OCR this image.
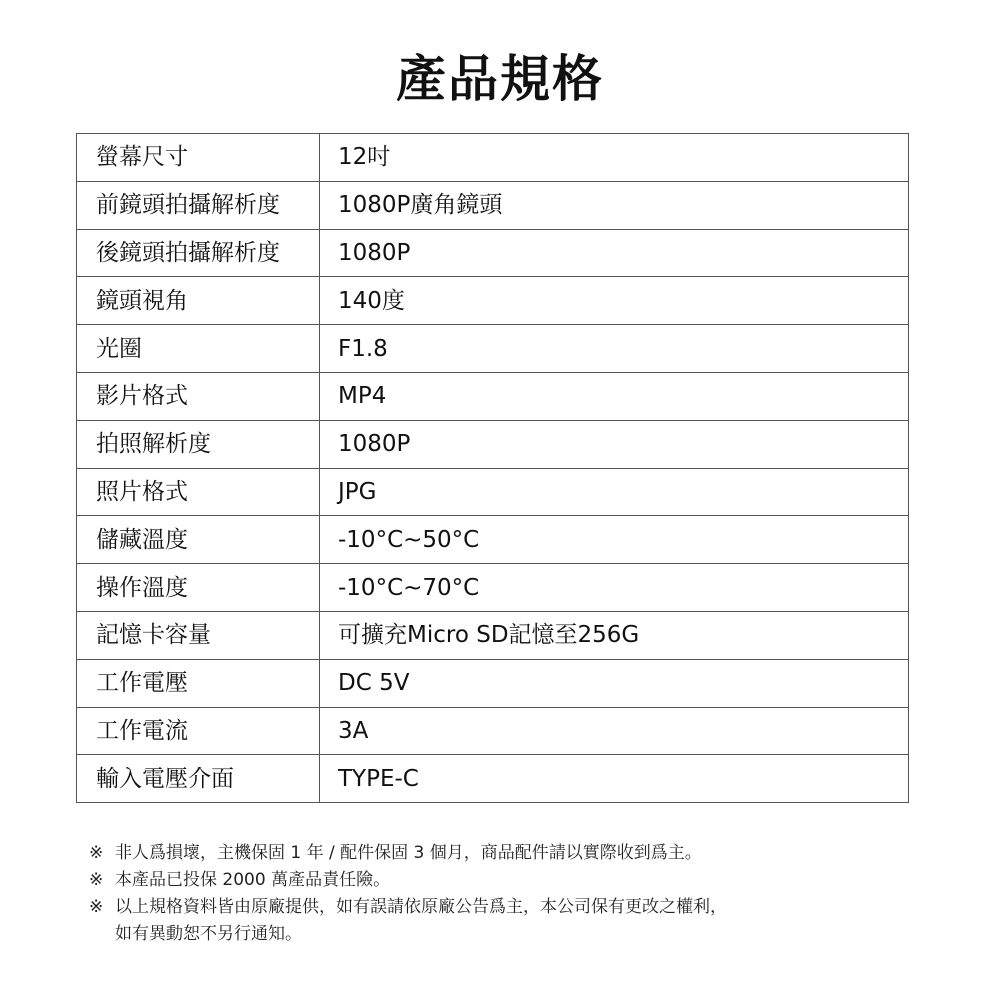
產品規格
螢幕尺寸	12吋
前鏡頭拍攝解析度	1080P廣角鏡頭
後鏡頭拍攝解析度	1080P
鏡頭視角	140度
光圈	F1.8
影片格式	MP4
拍照解析度	1080P
照片格式	JPG
儲藏溫度	-10°C~50°C
操作溫度	-10°C~70°C
記憶卡容量	可擴充Micro SD記憶至256G
工作電壓	DC 5V
工作電流	3A
輸入電壓介面	TYPE-C
※ 非人爲損壞，主機保固 1 年 / 配件保固 3 個月，商品配件請以實際收到爲主。
※ 本產品已投保 2000 萬產品責任險。
※ 以上規格資料皆由原廠提供，如有誤請依原廠公告爲主，本公司保有更改之權利，
如有異動恕不另行通知。
